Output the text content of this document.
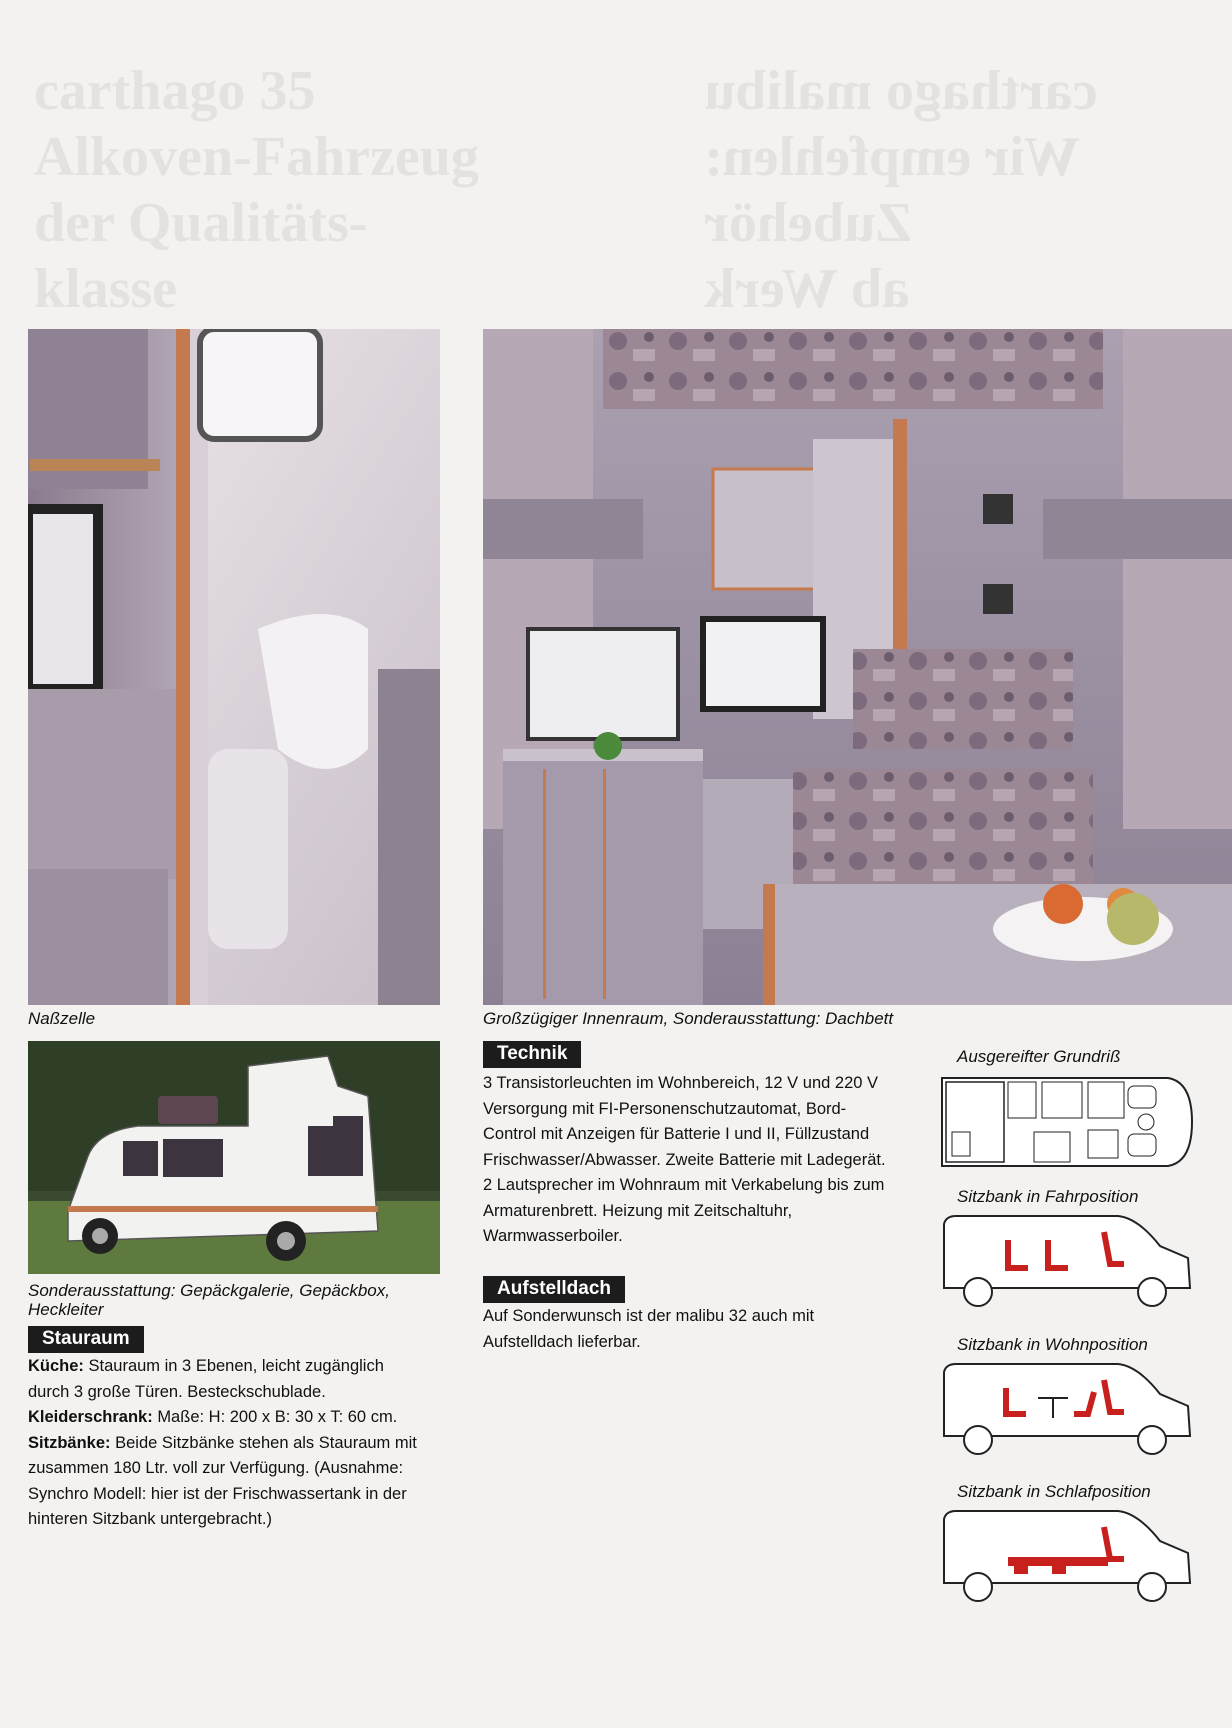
carthago 35
Alkoven-Fahrzeug
der Qualitäts-
klasse
carthago malibu
Wir empfehlen:
Zubehör
ab Werk
Naßzelle	Großzügiger Innenraum, Sonderausstattung: Dachbett
Sonderausstattung: Gepäckgalerie, Gepäckbox, Heckleiter
Stauraum
Küche: Stauraum in 3 Ebenen, leicht zugänglich durch 3 große Türen. Besteckschublade. Kleiderschrank: Maße: H: 200 x B: 30 x T: 60 cm.
Sitzbänke: Beide Sitzbänke stehen als Stauraum mit zusammen 180 Ltr. voll zur Verfügung. (Ausnahme: Synchro Modell: hier ist der Frischwassertank in der hinteren Sitzbank untergebracht.)
Technik
3 Transistorleuchten im Wohnbereich, 12 V und 220 V Versorgung mit FI-Personenschutzautomat, Bord-Control mit Anzeigen für Batterie I und II, Füllzustand Frischwasser/Abwasser. Zweite Batterie mit Ladegerät. 2 Lautsprecher im Wohnraum mit Verkabelung bis zum Armaturenbrett. Heizung mit Zeitschaltuhr, Warmwasserboiler.
Aufstelldach
Auf Sonderwunsch ist der malibu 32 auch mit Aufstelldach lieferbar.
Ausgereifter Grundriß
Sitzbank in Fahrposition
Sitzbank in Wohnposition
Sitzbank in Schlafposition
